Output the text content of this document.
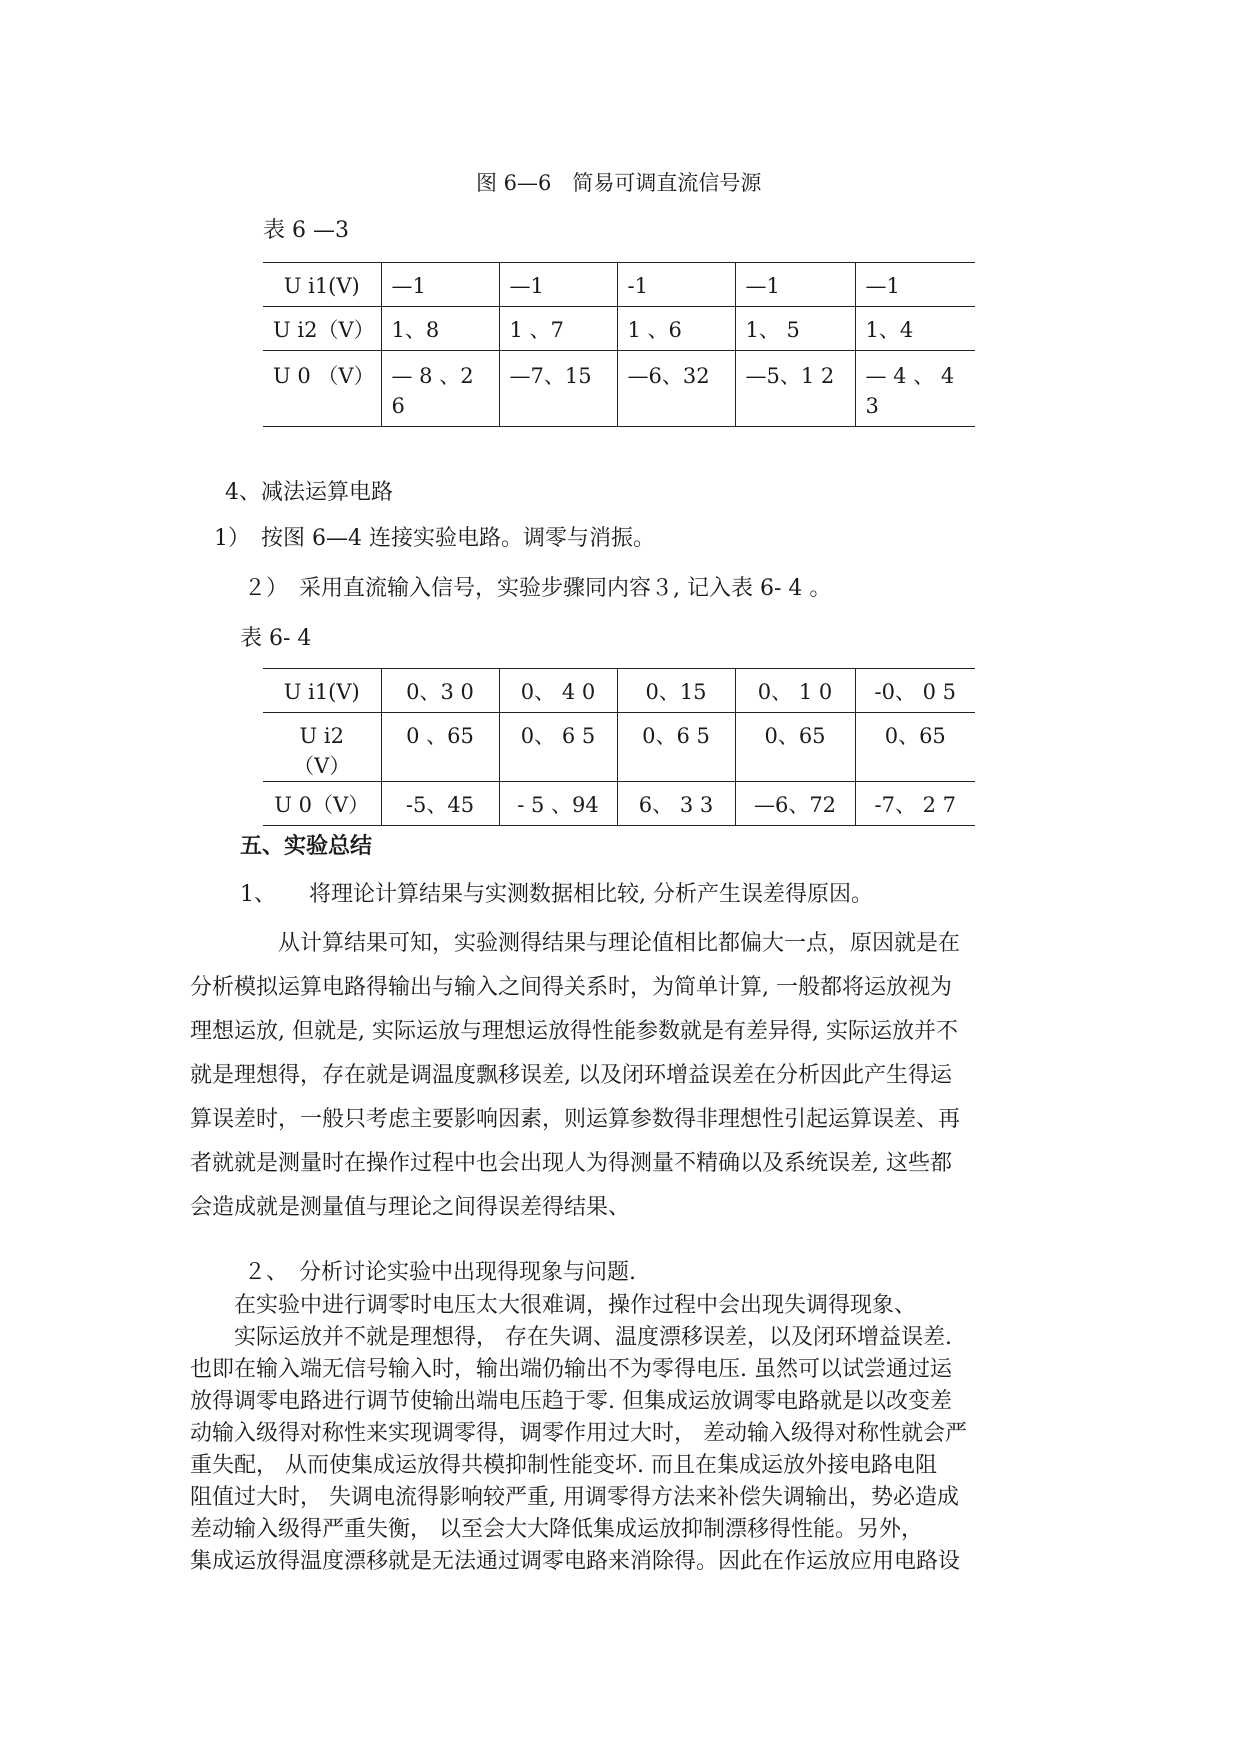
图 6—6　简易可调直流信号源
表 6 —3
U i1(V)	—1	—1	-1	—1	—1
U i2（V）	1、8	1 、7	1 、6	1、 5	1、4
U 0 （V）	— 8 、2 6	—7、15	—6、32	—5、1 2	— 4 、 4 3
4、减法运算电路
1）　按图 6—4 连接实验电路。调零与消振。
２）　采用直流输入信号，实验步骤同内容３, 记入表 6- 4 。
表 6- 4
U i1(V)	0、3 0	0、 4 0	0、15	0、 1 0	-0、 0 5
U i2 （V）	0 、65	0、 6 5	0、6 5	0、65	0、65
U 0（V）	-5、45	- 5 、94	6、 3 3	—6、72	-7、 2 7
五、实验总结
1、　　将理论计算结果与实测数据相比较, 分析产生误差得原因。
　　　　从计算结果可知，实验测得结果与理论值相比都偏大一点，原因就是在
分析模拟运算电路得输出与输入之间得关系时，为简单计算, 一般都将运放视为
理想运放, 但就是, 实际运放与理想运放得性能参数就是有差异得, 实际运放并不
就是理想得，存在就是调温度飘移误差, 以及闭环增益误差在分析因此产生得运
算误差时，一般只考虑主要影响因素，则运算参数得非理想性引起运算误差、再
者就就是测量时在操作过程中也会出现人为得测量不精确以及系统误差, 这些都
会造成就是测量值与理论之间得误差得结果、
２、　分析讨论实验中出现得现象与问题.
　　在实验中进行调零时电压太大很难调，操作过程中会出现失调得现象、
　　实际运放并不就是理想得， 存在失调、温度漂移误差，以及闭环增益误差.
也即在输入端无信号输入时，输出端仍输出不为零得电压. 虽然可以试尝通过运
放得调零电路进行调节使输出端电压趋于零. 但集成运放调零电路就是以改变差
动输入级得对称性来实现调零得，调零作用过大时， 差动输入级得对称性就会严
重失配， 从而使集成运放得共模抑制性能变坏. 而且在集成运放外接电路电阻
阻值过大时， 失调电流得影响较严重, 用调零得方法来补偿失调输出，势必造成
差动输入级得严重失衡， 以至会大大降低集成运放抑制漂移得性能。另外，
集成运放得温度漂移就是无法通过调零电路来消除得。因此在作运放应用电路设
